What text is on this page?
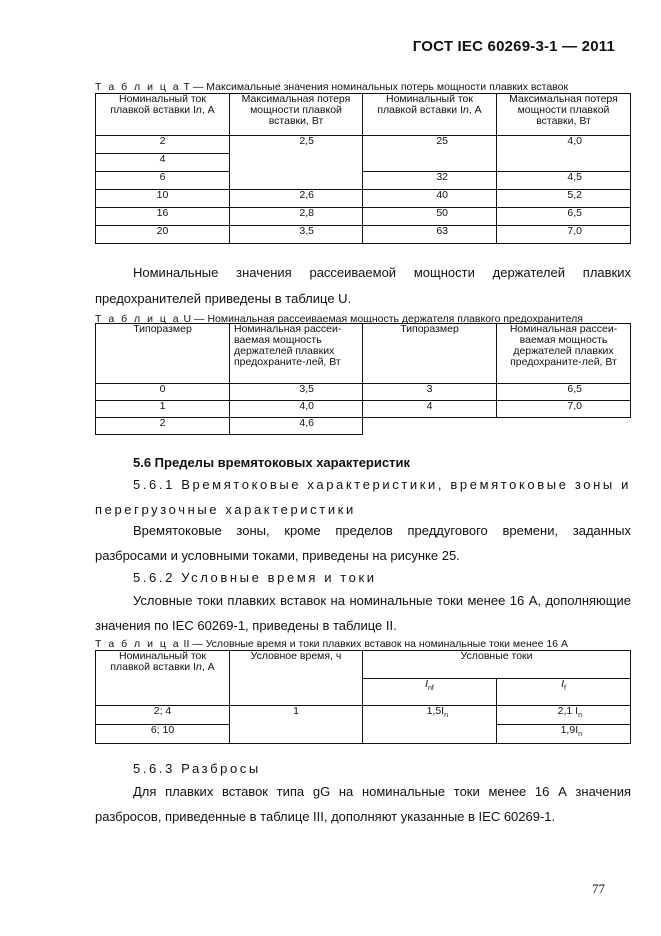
ГОСТ IEC 60269-3-1 — 2011
Т а б л и ц а Т — Максимальные значения номинальных потерь мощности плавких вставок
Номинальный ток плавкой вставки In, А	Максимальная потеря мощности плавкой вставки, Вт	Номинальный ток плавкой вставки In, А	Максимальная потеря мощности плавкой вставки, Вт
2	2,5	25	4,0
4			
6		32	4,5
10	2,6	40	5,2
16	2,8	50	6,5
20	3,5	63	7,0

Номинальные значения рассеиваемой мощности держателей плавких предохранителей приведены в таблице U.

Т а б л и ц а U — Номинальная рассеиваемая мощность держателя плавкого предохранителя
Типоразмер	Номинальная рассеи-ваемая мощность держателей плавких предохраните-лей, Вт	Типоразмер	Номинальная рассеи-ваемая мощность держателей плавких предохраните-лей, Вт
0	3,5	3	6,5
1	4,0	4	7,0
2	4,6		

5.6 Пределы времятоковых характеристик

5.6.1 Времятоковые характеристики, времятоковые зоны и перегрузочные характеристики

Времятоковые зоны, кроме пределов преддугового времени, заданных разбросами и условными токами, приведены на рисунке 25.

5.6.2 Условные время и токи

Условные токи плавких вставок на номинальные токи менее 16 А, дополняющие значения по IEC 60269-1, приведены в таблице II.

Т а б л и ц а II — Условные время и токи плавких вставок на номинальные токи менее 16 А
Номинальный ток плавкой вставки In, А	Условное время, ч	Условные токи	
		$I_{nf}$	$I_f$
2; 4	1	$1,5I_n$	2,1 $I_n$
6; 10			$1,9I_n$

5.6.3 Разбросы

Для плавких вставок типа gG на номинальные токи менее 16 А значения разбросов, приведенные в таблице III, дополняют указанные в IEC 60269-1.

77
